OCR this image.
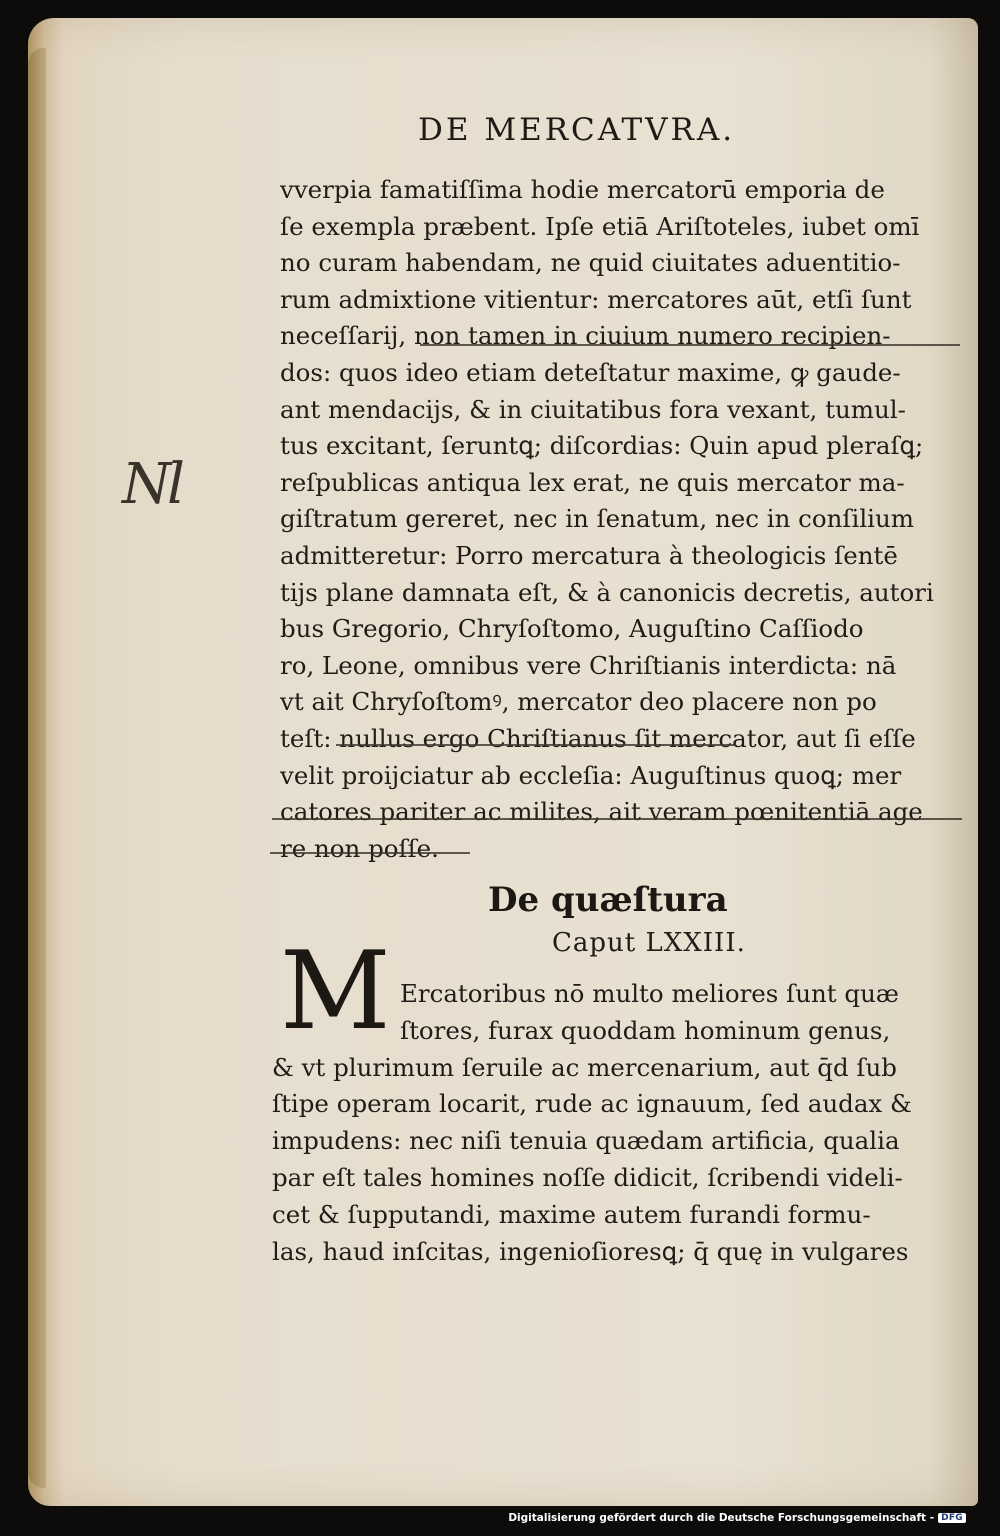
DE MERCATVRA.
Nl
vverpia famatiſſima hodie mercatorū emporia de
ſe exempla præbent. Ipſe etiā Ariſtoteles, iubet omī
no curam habendam, ne quid ciuitates aduentitio-
rum admixtione vitientur: mercatores aūt, etſi ſunt
neceſſarij, non tamen in ciuium numero recipien-
dos: quos ideo etiam deteſtatur maxime, ꝙ gaude-
ant mendacijs, & in ciuitatibus fora vexant, tumul-
tus excitant, ſeruntꝗ; diſcordias: Quin apud pleraſꝗ;
reſpublicas antiqua lex erat, ne quis mercator ma-
giſtratum gereret, nec in ſenatum, nec in conſilium
admitteretur: Porro mercatura à theologicis ſentē
tijs plane damnata eſt, & à canonicis decretis, autori
bus Gregorio, Chryſoſtomo, Auguſtino Caſſiodo
ro, Leone, omnibus vere Chriſtianis interdicta: nā
vt ait Chryſoſtomꝰ, mercator deo placere non po
teſt: nullus ergo Chriſtianus ſit mercator, aut ſi eſſe
velit proijciatur ab eccleſia: Auguſtinus quoꝗ; mer
catores pariter ac milites, ait veram pœnitentiā age
re non poſſe.
De quæſtura
Caput LXXIII.
M Ercatoribus nō multo meliores ſunt quæ
ſtores, furax quoddam hominum genus,
& vt plurimum ſeruile ac mercenarium, aut q̄d ſub
ſtipe operam locarit, rude ac ignauum, ſed audax &
impudens: nec niſi tenuia quædam artificia, qualia
par eſt tales homines noſſe didicit, ſcribendi videli-
cet & ſupputandi, maxime autem furandi formu-
las, haud inſcitas, ingenioſioresꝗ; q̄ quę in vulgares
Digitalisierung gefördert durch die Deutsche Forschungsgemeinschaft - DFG
